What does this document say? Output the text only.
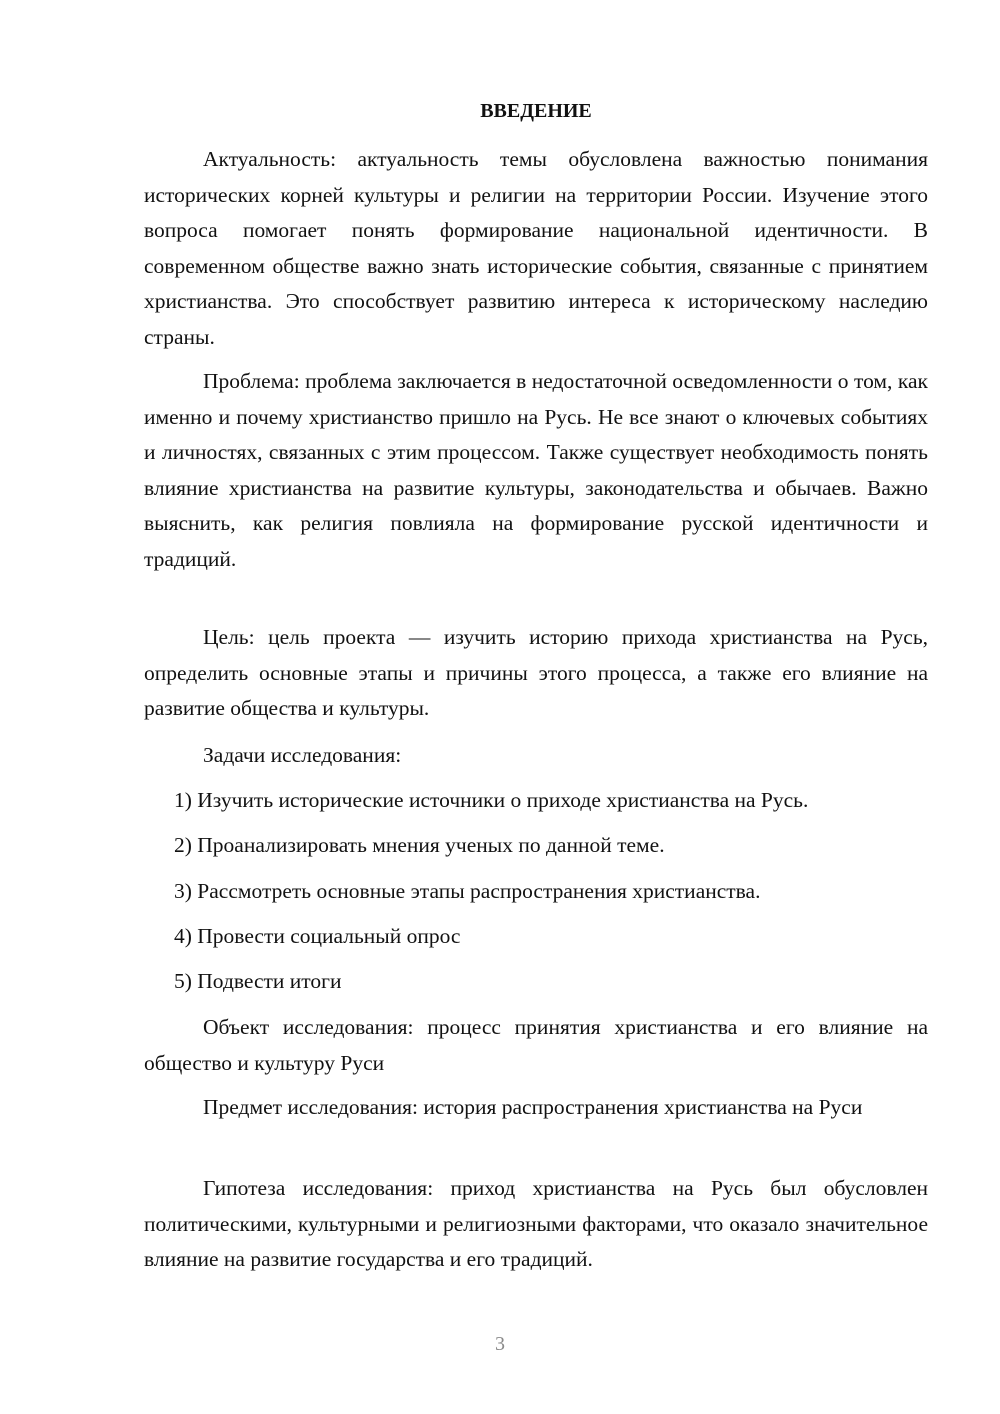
ВВЕДЕНИЕ

Актуальность: актуальность темы обусловлена важностью понимания исторических корней культуры и религии на территории России. Изучение этого вопроса помогает понять формирование национальной идентичности. В современном обществе важно знать исторические события, связанные с принятием христианства. Это способствует развитию интереса к историческому наследию страны.

Проблема: проблема заключается в недостаточной осведомленности о том, как именно и почему христианство пришло на Русь. Не все знают о ключевых событиях и личностях, связанных с этим процессом. Также существует необходимость понять влияние христианства на развитие культуры, законодательства и обычаев. Важно выяснить, как религия повлияла на формирование русской идентичности и традиций.

Цель: цель проекта — изучить историю прихода христианства на Русь, определить основные этапы и причины этого процесса, а также его влияние на развитие общества и культуры.

Задачи исследования:
1) Изучить исторические источники о приходе христианства на Русь.
2) Проанализировать мнения ученых по данной теме.
3) Рассмотреть основные этапы распространения христианства.
4) Провести социальный опрос
5) Подвести итоги

Объект исследования: процесс принятия христианства и его влияние на общество и культуру Руси

Предмет исследования: история распространения христианства на Руси

Гипотеза исследования: приход христианства на Русь был обусловлен политическими, культурными и религиозными факторами, что оказало значительное влияние на развитие государства и его традиций.

3
